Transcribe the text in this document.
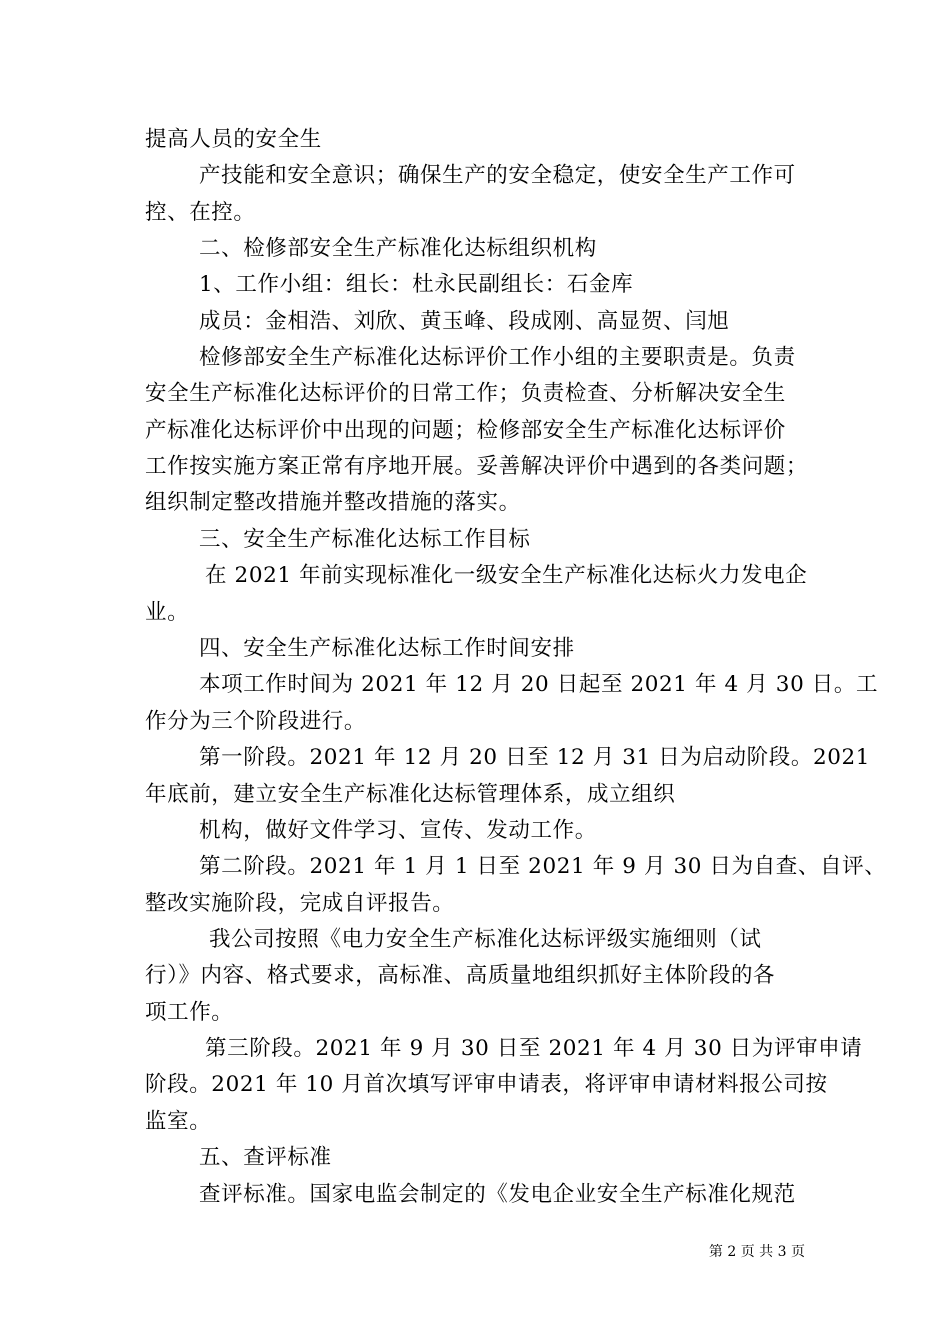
提高人员的安全生
产技能和安全意识；确保生产的安全稳定，使安全生产工作可
控、在控。
二、检修部安全生产标准化达标组织机构
1、工作小组：组长：杜永民副组长：石金库
成员：金相浩、刘欣、黄玉峰、段成刚、高显贺、闫旭
检修部安全生产标准化达标评价工作小组的主要职责是。负责
安全生产标准化达标评价的日常工作；负责检查、分析解决安全生
产标准化达标评价中出现的问题；检修部安全生产标准化达标评价
工作按实施方案正常有序地开展。妥善解决评价中遇到的各类问题；
组织制定整改措施并整改措施的落实。
三、安全生产标准化达标工作目标
在 2021 年前实现标准化一级安全生产标准化达标火力发电企
业。
四、安全生产标准化达标工作时间安排
本项工作时间为 2021 年 12 月 20 日起至 2021 年 4 月 30 日。工
作分为三个阶段进行。
第一阶段。2021 年 12 月 20 日至 12 月 31 日为启动阶段。2021
年底前，建立安全生产标准化达标管理体系，成立组织
机构，做好文件学习、宣传、发动工作。
第二阶段。2021 年 1 月 1 日至 2021 年 9 月 30 日为自查、自评、
整改实施阶段，完成自评报告。
我公司按照《电力安全生产标准化达标评级实施细则（试
行）》内容、格式要求，高标准、高质量地组织抓好主体阶段的各
项工作。
第三阶段。2021 年 9 月 30 日至 2021 年 4 月 30 日为评审申请
阶段。2021 年 10 月首次填写评审申请表，将评审申请材料报公司按
监室。
五、查评标准
查评标准。国家电监会制定的《发电企业安全生产标准化规范
第 2 页 共 3 页
